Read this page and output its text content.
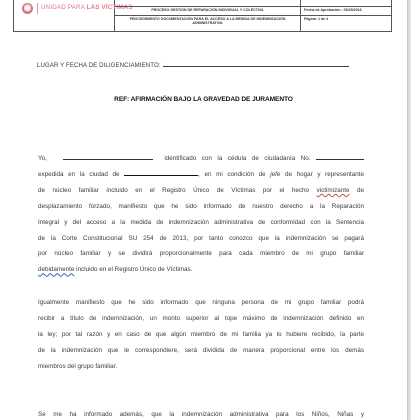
UNIDAD PARA LAS VÍCTIMAS	PROCESO GESTIÓN DE REPARACIÓN INDIVIDUAL Y COLECTIVA
PROCEDIMIENTO DOCUMENTACIÓN PARA EL ACCESO A LA MEDIDA DE INDEMNIZACIÓN ADMINISTRATIVA
Fecha de Aprobación : 09/25/2016
Página: 1 de 3
LUGAR Y FECHA DE DILIGENCIAMIENTO:
REF: AFIRMACIÓN BAJO LA GRAVEDAD DE JURAMENTO
Yo,	identificado con la cédula de ciudadanía No.
expedida en la ciudad de	, en mi condición de jefe de hogar y representante
de núcleo familiar incluido en el Registro Único de Víctimas por el hecho victimizante de
desplazamiento forzado, manifiesto que he sido informado de nuestro derecho a la Reparación
Integral y del acceso a la medida de indemnización administrativa de conformidad con la Sentencia
de la Corte Constitucional SU 254 de 2013, por tanto conozco que la indemnización se pagará
por núcleo familiar y se dividirá proporcionalmente para cada miembro de mi grupo familiar
debidamente incluido en el Registro Único de Víctimas.
Igualmente manifiesto que he sido informado que ninguna persona de mi grupo familiar podrá
recibir a título de indemnización, un monto superior al tope máximo de indemnización definido en
la ley; por tal razón y en caso de que algún miembro de mi familia ya lo hubiere recibido, la parte
de la indemnización que le correspondiere, será dividida de manera proporcional entre los demás
miembros del grupo familiar.
Se me ha informado además, que la indemnización administrativa para los Niños, Niñas y
